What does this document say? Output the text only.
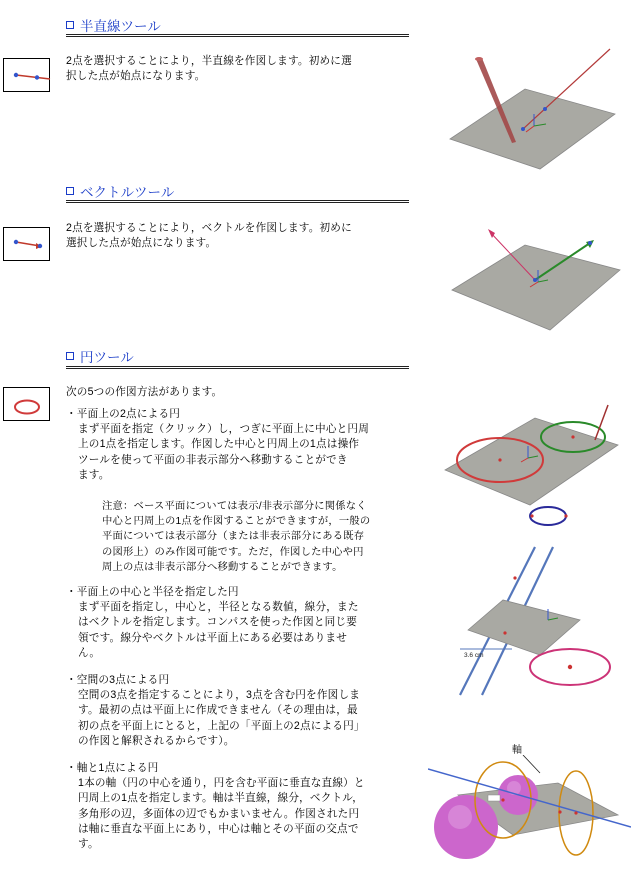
半直線ツール
2点を選択することにより，半直線を作図します。初めに選
択した点が始点になります。
ベクトルツール
2点を選択することにより，ベクトルを作図します。初めに
選択した点が始点になります。
円ツール
次の5つの作図方法があります。
・平面上の2点による円
まず平面を指定（クリック）し，つぎに平面上に中心と円周
上の1点を指定します。作図した中心と円周上の1点は操作
ツールを使って平面の非表示部分へ移動することができ
ます。
注意：ベース平面については表示/非表示部分に関係なく
中心と円周上の1点を作図することができますが，一般の
平面については表示部分（または非表示部分にある既存
の図形上）のみ作図可能です。ただ，作図した中心や円
周上の点は非表示部分へ移動することができます。
・平面上の中心と半径を指定した円
まず平面を指定し，中心と，半径となる数値，線分，また
はベクトルを指定します。コンパスを使った作図と同じ要
領です。線分やベクトルは平面上にある必要はありませ
ん。
・空間の3点による円
空間の3点を指定することにより，3点を含む円を作図しま
す。最初の点は平面上に作成できません（その理由は，最
初の点を平面上にとると，上記の「平面上の2点による円」
の作図と解釈されるからです）。
・軸と1点による円
1本の軸（円の中心を通り，円を含む平面に垂直な直線）と
円周上の1点を指定します。軸は半直線，線分，ベクトル，
多角形の辺，多面体の辺でもかまいません。作図された円
は軸に垂直な平面上にあり，中心は軸とその平面の交点で
す。
3.6 cm
軸
